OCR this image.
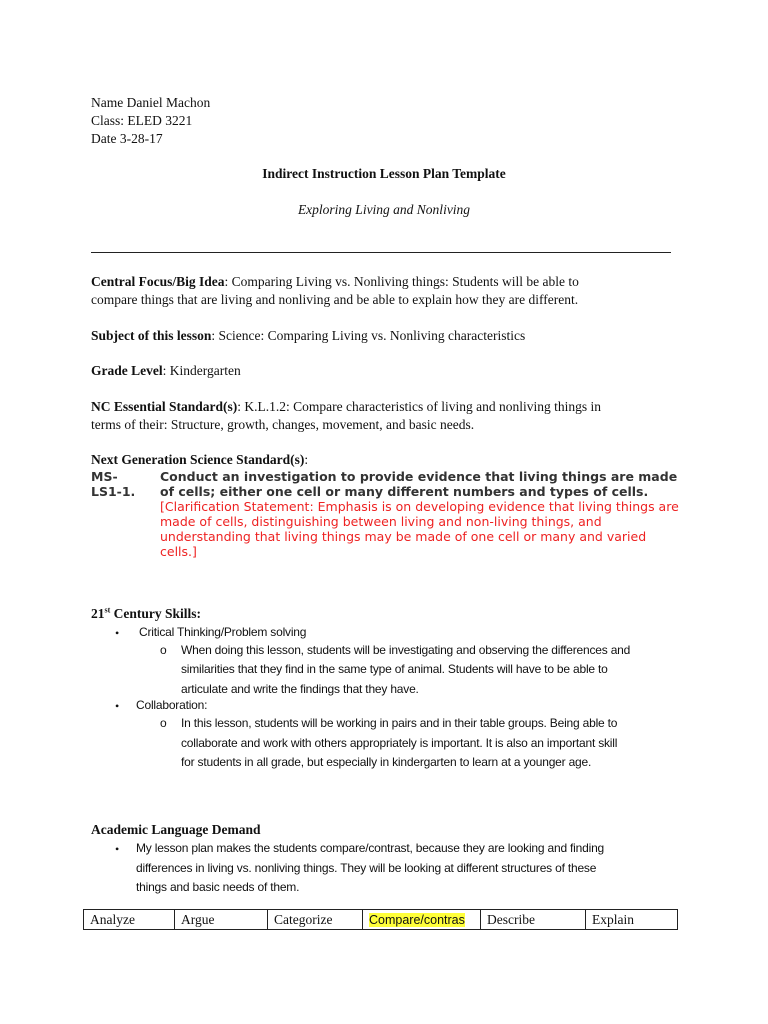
Name Daniel Machon
Class: ELED 3221
Date 3-28-17
Indirect Instruction Lesson Plan Template
Exploring Living and Nonliving
Central Focus/Big Idea: Comparing Living vs. Nonliving things: Students will be able to
compare things that are living and nonliving and be able to explain how they are different.
Subject of this lesson: Science: Comparing Living vs. Nonliving characteristics
Grade Level: Kindergarten
NC Essential Standard(s): K.L.1.2: Compare characteristics of living and nonliving things in
terms of their: Structure, growth, changes, movement, and basic needs.
Next Generation Science Standard(s):
MS-
LS1-1.
Conduct an investigation to provide evidence that living things are made of cells; either one cell or many different numbers and types of cells. [Clarification Statement: Emphasis is on developing evidence that living things are made of cells, distinguishing between living and non-living things, and understanding that living things may be made of one cell or many and varied cells.]
21st Century Skills:
• Critical Thinking/Problem solving
o When doing this lesson, students will be investigating and observing the differences and
similarities that they find in the same type of animal. Students will have to be able to
articulate and write the findings that they have.
• Collaboration:
o In this lesson, students will be working in pairs and in their table groups. Being able to
collaborate and work with others appropriately is important. It is also an important skill
for students in all grade, but especially in kindergarten to learn at a younger age.
Academic Language Demand
• My lesson plan makes the students compare/contrast, because they are looking and finding
differences in living vs. nonliving things. They will be looking at different structures of these
things and basic needs of them.
Analyze	Argue	Categorize	Compare/contras	Describe	Explain
